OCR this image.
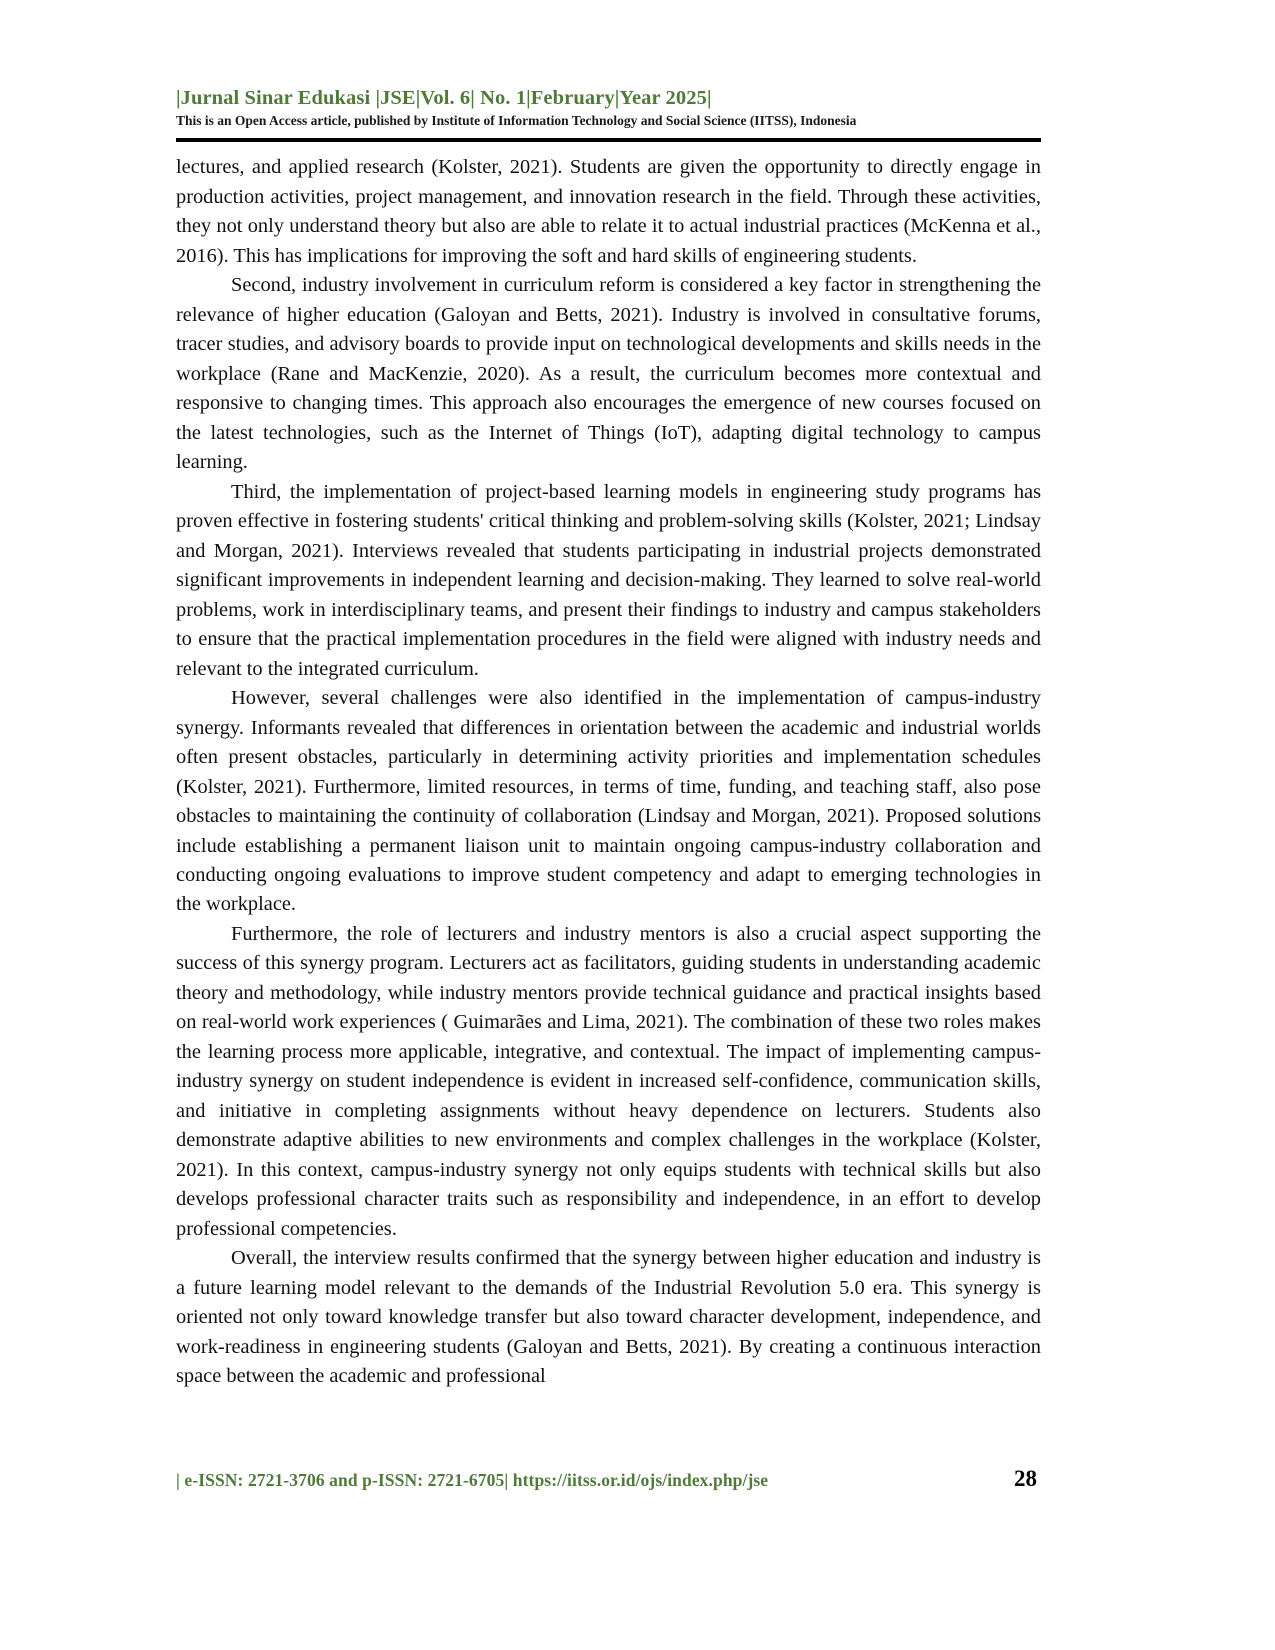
|Jurnal Sinar Edukasi |JSE|Vol. 6| No. 1|February|Year 2025|
This is an Open Access article, published by Institute of Information Technology and Social Science (IITSS), Indonesia

lectures, and applied research (Kolster, 2021). Students are given the opportunity to directly engage in production activities, project management, and innovation research in the field. Through these activities, they not only understand theory but also are able to relate it to actual industrial practices (McKenna et al., 2016). This has implications for improving the soft and hard skills of engineering students.

Second, industry involvement in curriculum reform is considered a key factor in strengthening the relevance of higher education (Galoyan and Betts, 2021). Industry is involved in consultative forums, tracer studies, and advisory boards to provide input on technological developments and skills needs in the workplace (Rane and MacKenzie, 2020). As a result, the curriculum becomes more contextual and responsive to changing times. This approach also encourages the emergence of new courses focused on the latest technologies, such as the Internet of Things (IoT), adapting digital technology to campus learning.

Third, the implementation of project-based learning models in engineering study programs has proven effective in fostering students' critical thinking and problem-solving skills (Kolster, 2021; Lindsay and Morgan, 2021). Interviews revealed that students participating in industrial projects demonstrated significant improvements in independent learning and decision-making. They learned to solve real-world problems, work in interdisciplinary teams, and present their findings to industry and campus stakeholders to ensure that the practical implementation procedures in the field were aligned with industry needs and relevant to the integrated curriculum.

However, several challenges were also identified in the implementation of campus-industry synergy. Informants revealed that differences in orientation between the academic and industrial worlds often present obstacles, particularly in determining activity priorities and implementation schedules (Kolster, 2021). Furthermore, limited resources, in terms of time, funding, and teaching staff, also pose obstacles to maintaining the continuity of collaboration (Lindsay and Morgan, 2021). Proposed solutions include establishing a permanent liaison unit to maintain ongoing campus-industry collaboration and conducting ongoing evaluations to improve student competency and adapt to emerging technologies in the workplace.

Furthermore, the role of lecturers and industry mentors is also a crucial aspect supporting the success of this synergy program. Lecturers act as facilitators, guiding students in understanding academic theory and methodology, while industry mentors provide technical guidance and practical insights based on real-world work experiences ( Guimarães and Lima, 2021). The combination of these two roles makes the learning process more applicable, integrative, and contextual. The impact of implementing campus-industry synergy on student independence is evident in increased self-confidence, communication skills, and initiative in completing assignments without heavy dependence on lecturers. Students also demonstrate adaptive abilities to new environments and complex challenges in the workplace (Kolster, 2021). In this context, campus-industry synergy not only equips students with technical skills but also develops professional character traits such as responsibility and independence, in an effort to develop professional competencies.

Overall, the interview results confirmed that the synergy between higher education and industry is a future learning model relevant to the demands of the Industrial Revolution 5.0 era. This synergy is oriented not only toward knowledge transfer but also toward character development, independence, and work-readiness in engineering students (Galoyan and Betts, 2021). By creating a continuous interaction space between the academic and professional

| e-ISSN: 2721-3706 and p-ISSN: 2721-6705| https://iitss.or.id/ojs/index.php/jse	28
